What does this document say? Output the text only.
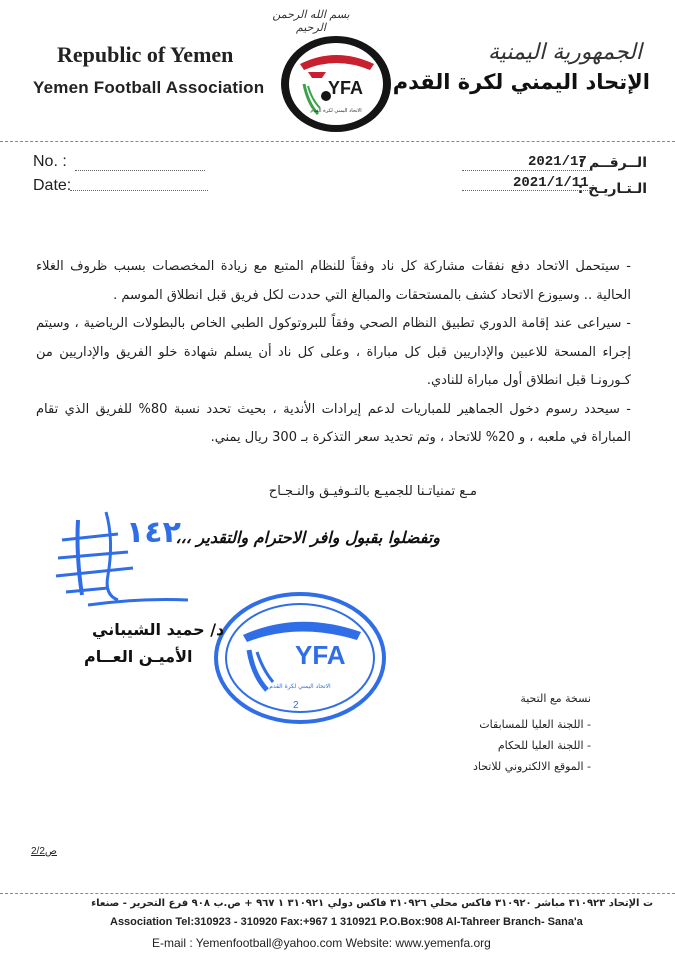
بسم الله الرحمن الرحيم
Republic of Yemen
Yemen Football Association
الجمهورية اليمنية
الإتحاد اليمني لكرة القدم
YFA
الاتحاد اليمني لكرة القدم
No. :
Date:
الــرقــم :
2021/17
الـتـاريـخ :
2021/1/11

- سيتحمل الاتحاد دفع نفقات مشاركة كل ناد وفقاً للنظام المتبع مع زيادة المخصصات بسبب ظروف الغلاء الحالية .. وسيوزع الاتحاد كشف بالمستحقات والمبالغ التي حددت لكل فريق قبل انطلاق الموسم .

- سيراعى عند إقامة الدوري تطبيق النظام الصحي وفقاً للبروتوكول الطبي الخاص بالبطولات الرياضية ، وسيتم إجراء المسحة للاعبين والإداريين قبل كل مباراة ، وعلى كل ناد أن يسلم شهادة خلو الفريق والإداريين من كـورونـا قبل انطلاق أول مباراة للنادي.

- سيحدد رسوم دخول الجماهير للمباريات لدعم إيرادات الأندية ، بحيث تحدد نسبة 80% للفريق الذي تقام المباراة في ملعبه ، و 20% للاتحاد ، وتم تحديد سعر التذكرة بـ 300 ريال يمني.

مـع تمنياتـنا للجميـع بالتـوفيـق والنـجـاح
وتفضلوا بقبول وافر الاحترام والتقدير ،،،
١٤٢
YFA
الاتحاد اليمني لكرة القدم
2
د/ حميد الشيباني
الأميـن العــام
نسخة مع التحية
- اللجنة العليا للمسابقات
- اللجنة العليا للحكام
- الموقع الالكتروني للاتحاد
2/2ص
ت الإتحاد ٣١٠٩٢٣ مباشر ٣١٠٩٢٠ فاكس محلي ٣١٠٩٢٦ فاكس دولي ٣١٠٩٢١ ١ ٩٦٧ + ص.ب ٩٠٨ فرع التحرير - صنعاء
Association Tel:310923 - 310920 Fax:+967 1 310921 P.O.Box:908 Al-Tahreer Branch- Sana'a
E-mail : Yemenfootball@yahoo.com Website: www.yemenfa.org
